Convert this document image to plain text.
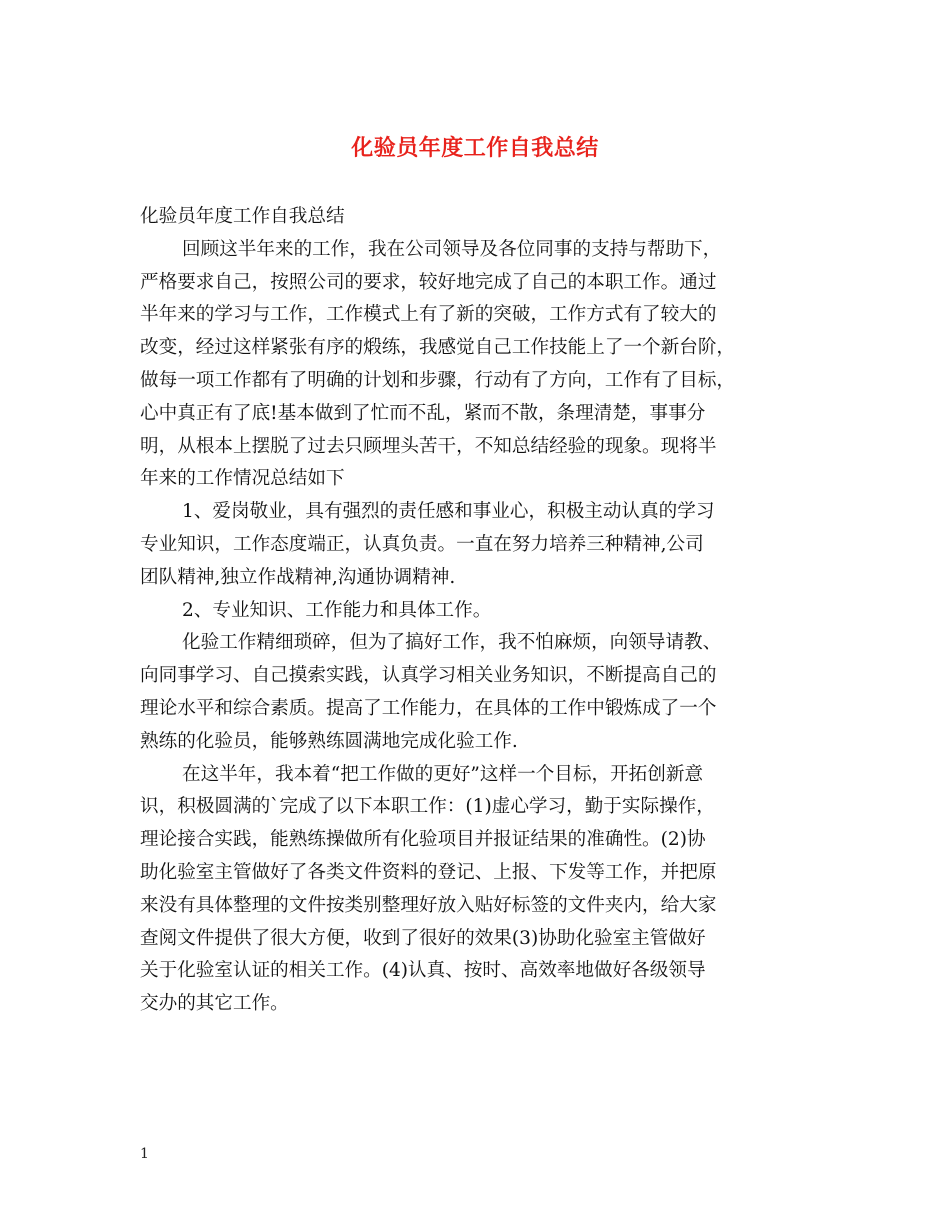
化验员年度工作自我总结
化验员年度工作自我总结
回顾这半年来的工作，我在公司领导及各位同事的支持与帮助下，
严格要求自己，按照公司的要求，较好地完成了自己的本职工作。通过
半年来的学习与工作，工作模式上有了新的突破，工作方式有了较大的
改变，经过这样紧张有序的煅练，我感觉自己工作技能上了一个新台阶，
做每一项工作都有了明确的计划和步骤，行动有了方向，工作有了目标，
心中真正有了底!基本做到了忙而不乱，紧而不散，条理清楚，事事分
明，从根本上摆脱了过去只顾埋头苦干，不知总结经验的现象。现将半
年来的工作情况总结如下
1、爱岗敬业，具有强烈的责任感和事业心，积极主动认真的学习
专业知识，工作态度端正，认真负责。一直在努力培养三种精神,公司
团队精神,独立作战精神,沟通协调精神.
2、专业知识、工作能力和具体工作。
化验工作精细琐碎，但为了搞好工作，我不怕麻烦，向领导请教、
向同事学习、自己摸索实践，认真学习相关业务知识，不断提高自己的
理论水平和综合素质。提高了工作能力，在具体的工作中锻炼成了一个
熟练的化验员，能够熟练圆满地完成化验工作.
在这半年，我本着“把工作做的更好”这样一个目标，开拓创新意
识，积极圆满的`完成了以下本职工作：(1)虚心学习，勤于实际操作，
理论接合实践，能熟练操做所有化验项目并报证结果的准确性。(2)协
助化验室主管做好了各类文件资料的登记、上报、下发等工作，并把原
来没有具体整理的文件按类别整理好放入贴好标签的文件夹内，给大家
查阅文件提供了很大方便，收到了很好的效果(3)协助化验室主管做好
关于化验室认证的相关工作。(4)认真、按时、高效率地做好各级领导
交办的其它工作。
1
